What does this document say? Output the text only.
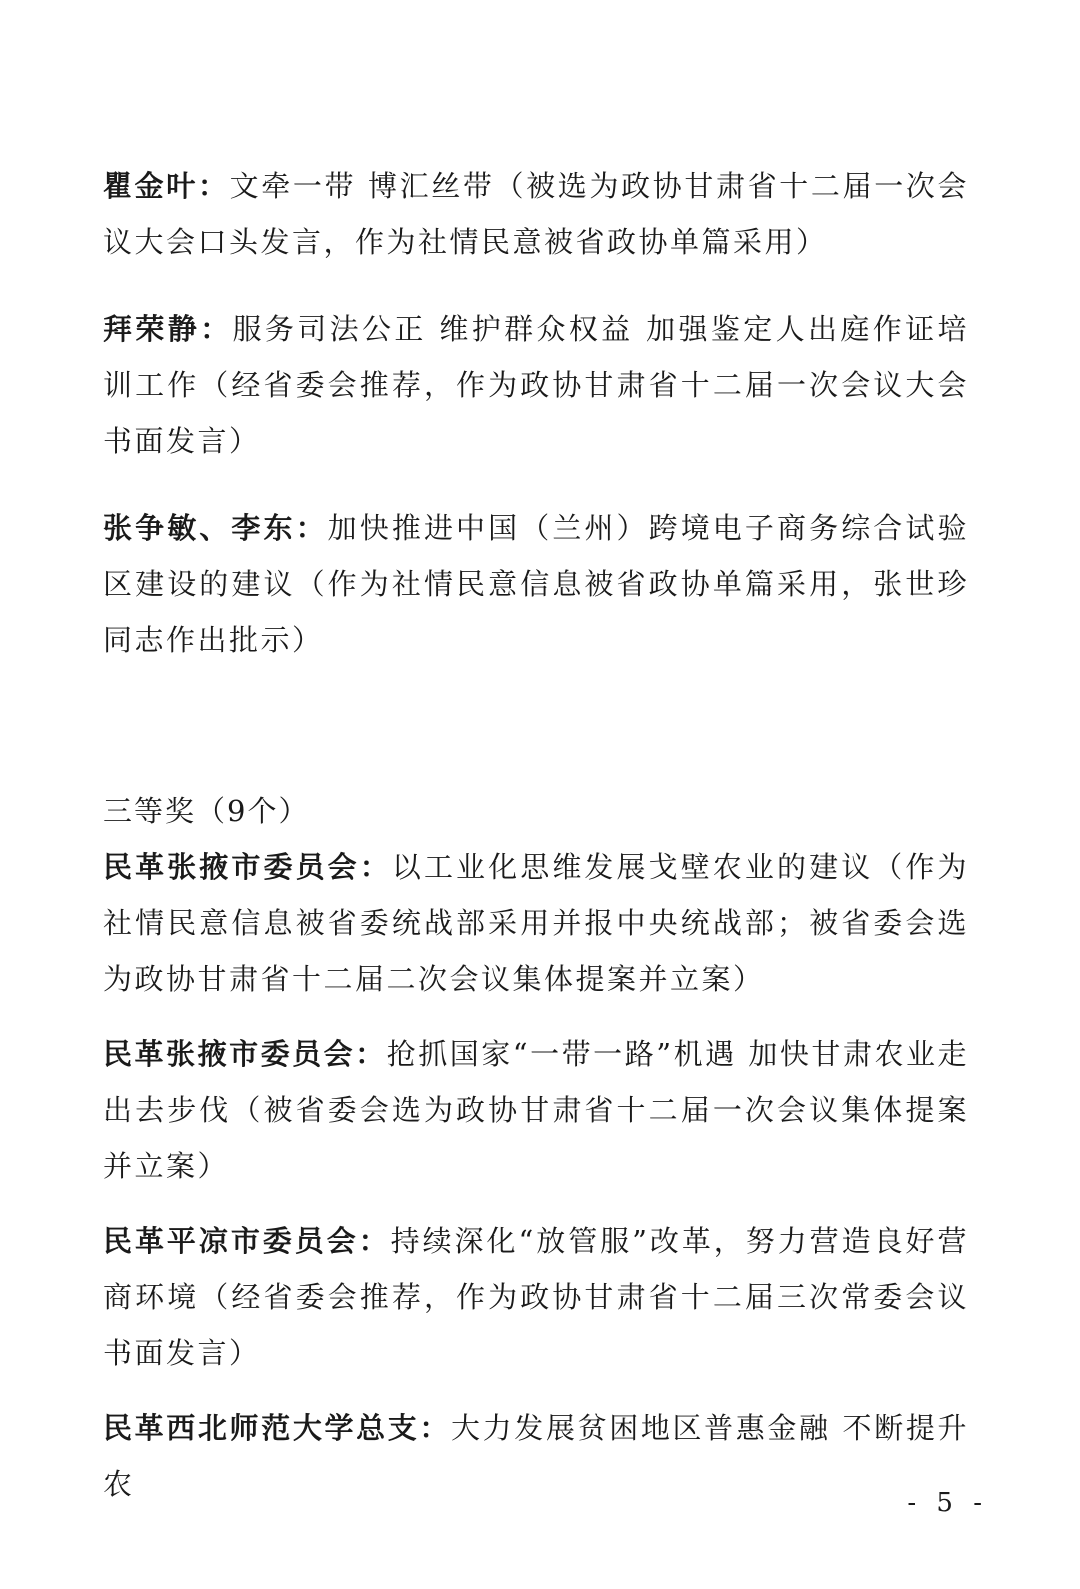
瞿金叶：文牵一带 博汇丝带（被选为政协甘肃省十二届一次会议大会口头发言，作为社情民意被省政协单篇采用）

拜荣静：服务司法公正 维护群众权益 加强鉴定人出庭作证培训工作（经省委会推荐，作为政协甘肃省十二届一次会议大会书面发言）

张争敏、李东：加快推进中国（兰州）跨境电子商务综合试验区建设的建议（作为社情民意信息被省政协单篇采用，张世珍同志作出批示）

三等奖（9个）

民革张掖市委员会：以工业化思维发展戈壁农业的建议（作为社情民意信息被省委统战部采用并报中央统战部；被省委会选为政协甘肃省十二届二次会议集体提案并立案）

民革张掖市委员会：抢抓国家“一带一路”机遇 加快甘肃农业走出去步伐（被省委会选为政协甘肃省十二届一次会议集体提案并立案）

民革平凉市委员会：持续深化“放管服”改革，努力营造良好营商环境（经省委会推荐，作为政协甘肃省十二届三次常委会议书面发言）

民革西北师范大学总支：大力发展贫困地区普惠金融 不断提升农

- 5 -
